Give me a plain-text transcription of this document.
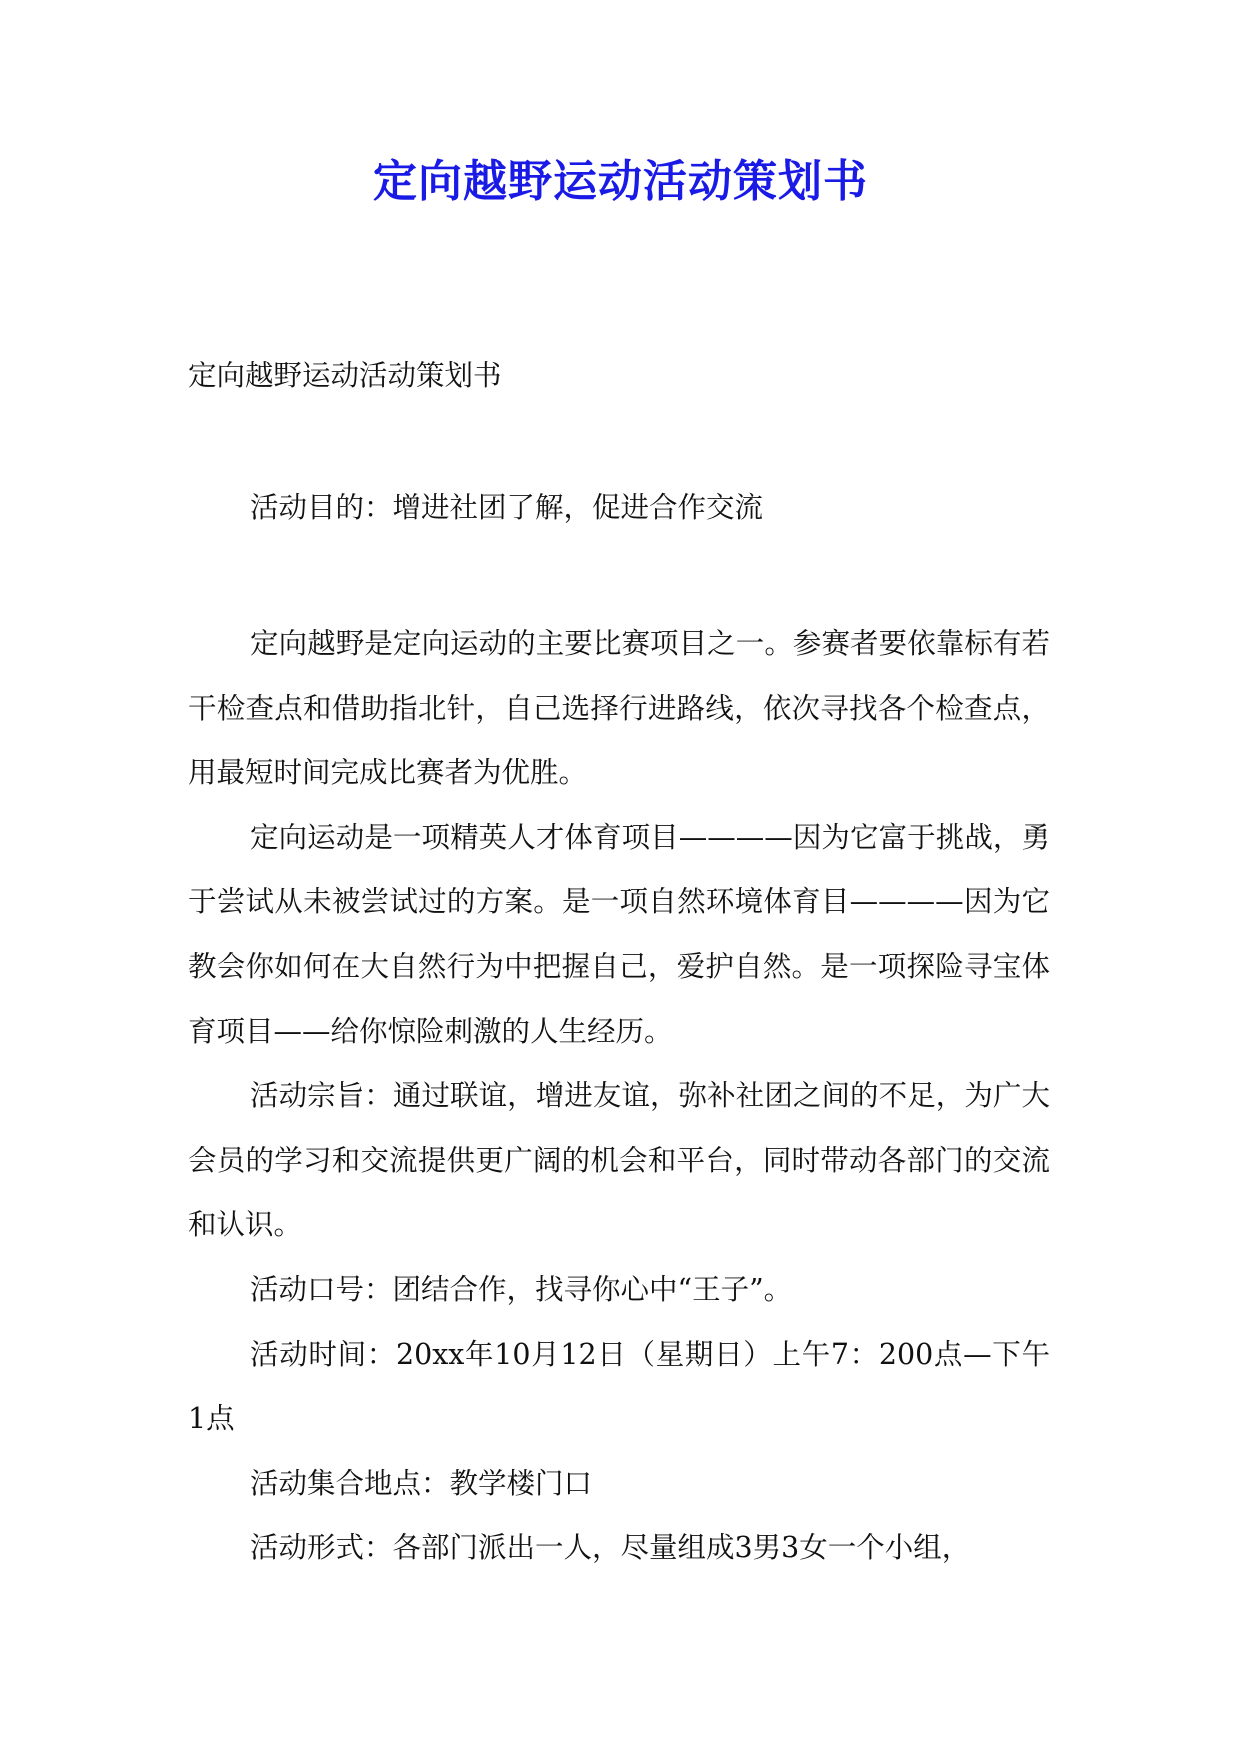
定向越野运动活动策划书
定向越野运动活动策划书
活动目的：增进社团了解，促进合作交流

定向越野是定向运动的主要比赛项目之一。参赛者要依靠标有若干检查点和借助指北针，自己选择行进路线，依次寻找各个检查点，用最短时间完成比赛者为优胜。

定向运动是一项精英人才体育项目————因为它富于挑战，勇于尝试从未被尝试过的方案。是一项自然环境体育目————因为它教会你如何在大自然行为中把握自己，爱护自然。是一项探险寻宝体育项目——给你惊险刺激的人生经历。

活动宗旨：通过联谊，增进友谊，弥补社团之间的不足，为广大会员的学习和交流提供更广阔的机会和平台，同时带动各部门的交流和认识。

活动口号：团结合作，找寻你心中“王子”。

活动时间：20xx年10月12日（星期日）上午7：200点—下午1点

活动集合地点：教学楼门口

活动形式：各部门派出一人，尽量组成3男3女一个小组，
